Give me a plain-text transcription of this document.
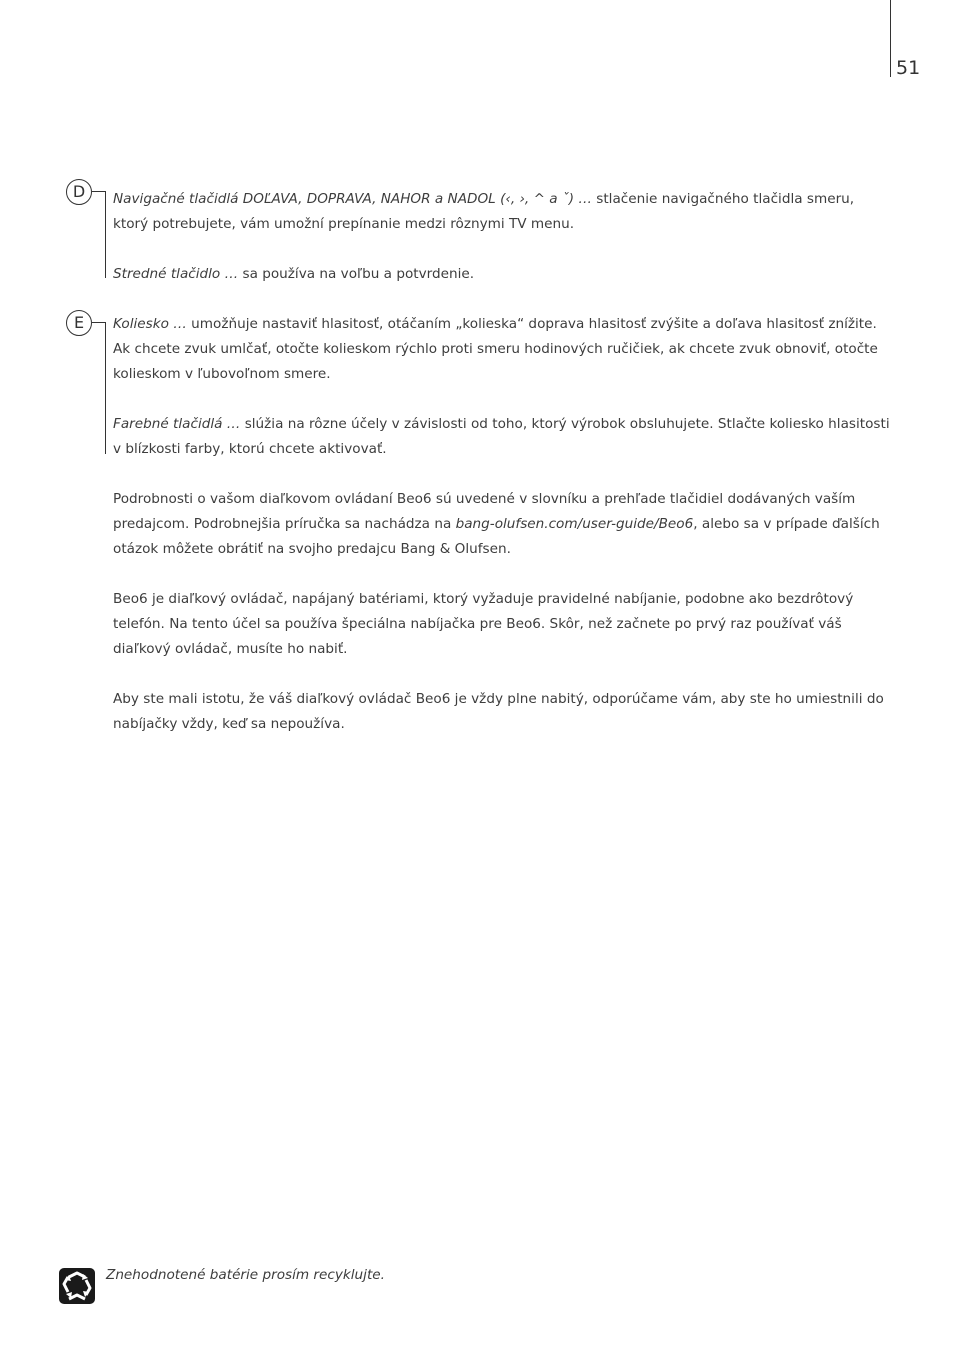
51
D	Navigačné tlačidlá DOĽAVA, DOPRAVA, NAHOR a NADOL (‹, ›, ^ a ˇ) … stlačenie navigačného tlačidla smeru, ktorý potrebujete, vám umožní prepínanie medzi rôznymi TV menu.

Stredné tlačidlo … sa používa na voľbu a potvrdenie.

E	Koliesko … umožňuje nastaviť hlasitosť, otáčaním „kolieska“ doprava hlasitosť zvýšite a doľava hlasitosť znížite. Ak chcete zvuk umlčať, otočte kolieskom rýchlo proti smeru hodinových ručičiek, ak chcete zvuk obnoviť, otočte kolieskom v ľubovoľnom smere.

Farebné tlačidlá … slúžia na rôzne účely v závislosti od toho, ktorý výrobok obsluhujete. Stlačte koliesko hlasitosti v blízkosti farby, ktorú chcete aktivovať.

Podrobnosti o vašom diaľkovom ovládaní Beo6 sú uvedené v slovníku a prehľade tlačidiel dodávaných vaším predajcom. Podrobnejšia príručka sa nachádza na bang-olufsen.com/user-guide/Beo6, alebo sa v prípade ďalších otázok môžete obrátiť na svojho predajcu Bang & Olufsen.

Beo6 je diaľkový ovládač, napájaný batériami, ktorý vyžaduje pravidelné nabíjanie, podobne ako bezdrôtový telefón. Na tento účel sa používa špeciálna nabíjačka pre Beo6. Skôr, než začnete po prvý raz používať váš diaľkový ovládač, musíte ho nabiť.

Aby ste mali istotu, že váš diaľkový ovládač Beo6 je vždy plne nabitý, odporúčame vám, aby ste ho umiestnili do nabíjačky vždy, keď sa nepoužíva.

Znehodnotené batérie prosím recyklujte.
